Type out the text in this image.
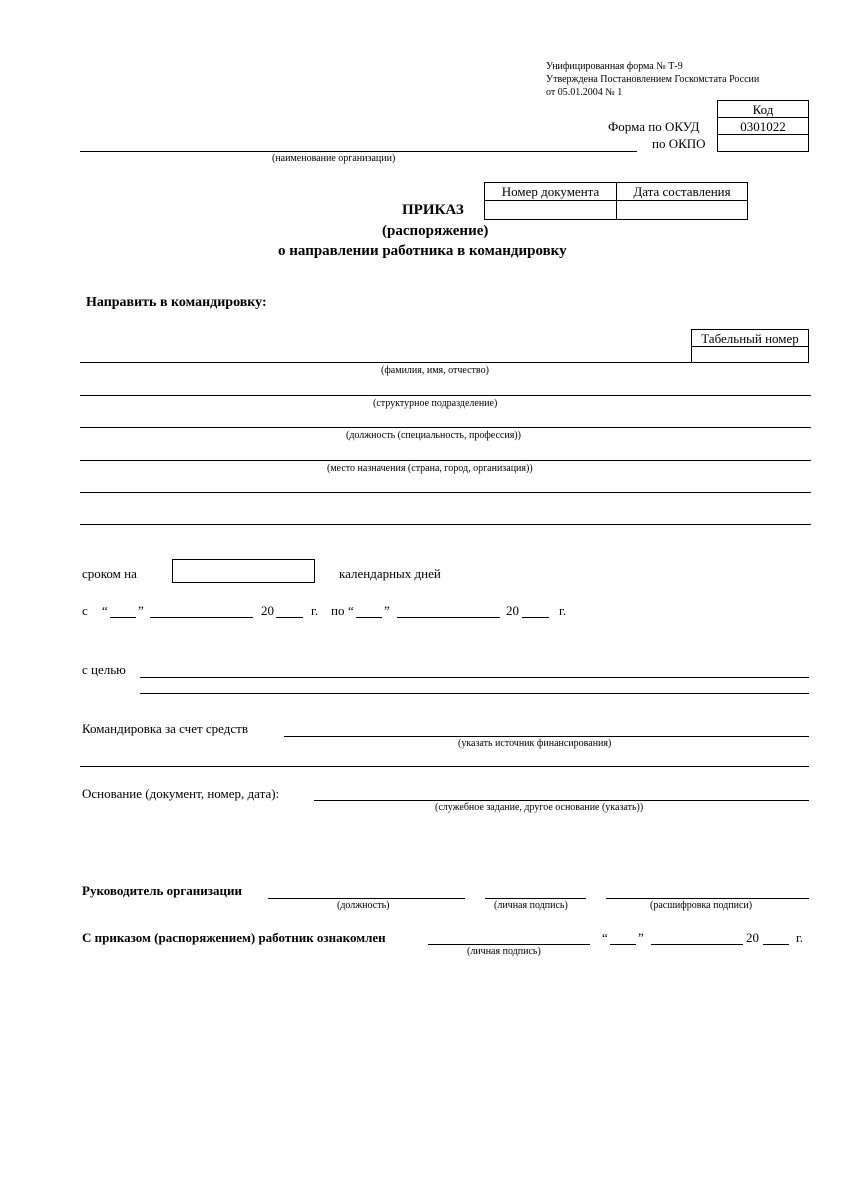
Унифицированная форма № Т-9
Утверждена Постановлением Госкомстата России
от 05.01.2004 № 1
Код
0301022
Форма по ОКУД
по ОКПО
(наименование организации)
Номер документа	Дата составления
ПРИКАЗ
(распоряжение)
о направлении работника в командировку
Направить в командировку:
Табельный номер
(фамилия, имя, отчество)
(структурное подразделение)
(должность (специальность, профессия))
(место назначения (страна, город, организация))
сроком на	календарных дней
с “ ”	20	г. по “ ”	20	г.
с целью
Командировка за счет средств
(указать источник финансирования)
Основание (документ, номер, дата):
(служебное задание, другое основание (указать))
Руководитель организации
(должность)	(личная подпись)	(расшифровка подписи)
С приказом (распоряжением) работник ознакомлен
(личная подпись)
“ ”	20	г.
